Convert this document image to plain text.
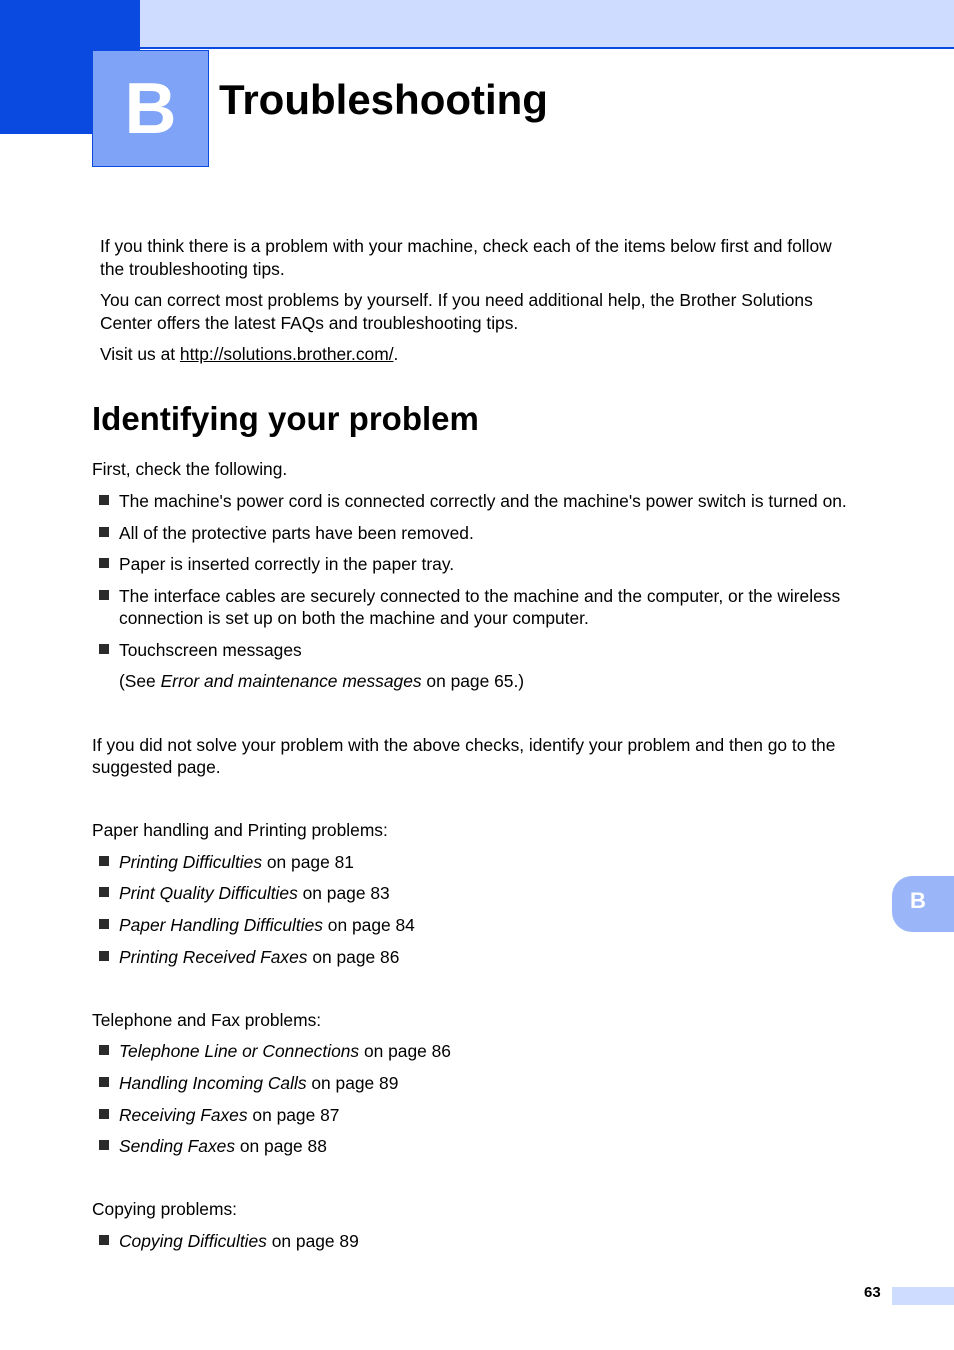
B	Troubleshooting
If you think there is a problem with your machine, check each of the items below first and follow
the troubleshooting tips.
You can correct most problems by yourself. If you need additional help, the Brother Solutions
Center offers the latest FAQs and troubleshooting tips.
Visit us at http://solutions.brother.com/.
Identifying your problem
First, check the following.
The machine's power cord is connected correctly and the machine's power switch is turned on.
All of the protective parts have been removed.
Paper is inserted correctly in the paper tray.
The interface cables are securely connected to the machine and the computer, or the wireless
connection is set up on both the machine and your computer.
Touchscreen messages
(See Error and maintenance messages on page 65.)
If you did not solve your problem with the above checks, identify your problem and then go to the
suggested page.
Paper handling and Printing problems:
Printing Difficulties on page 81
Print Quality Difficulties on page 83
Paper Handling Difficulties on page 84
Printing Received Faxes on page 86
Telephone and Fax problems:
Telephone Line or Connections on page 86
Handling Incoming Calls on page 89
Receiving Faxes on page 87
Sending Faxes on page 88
Copying problems:
Copying Difficulties on page 89
B
63
